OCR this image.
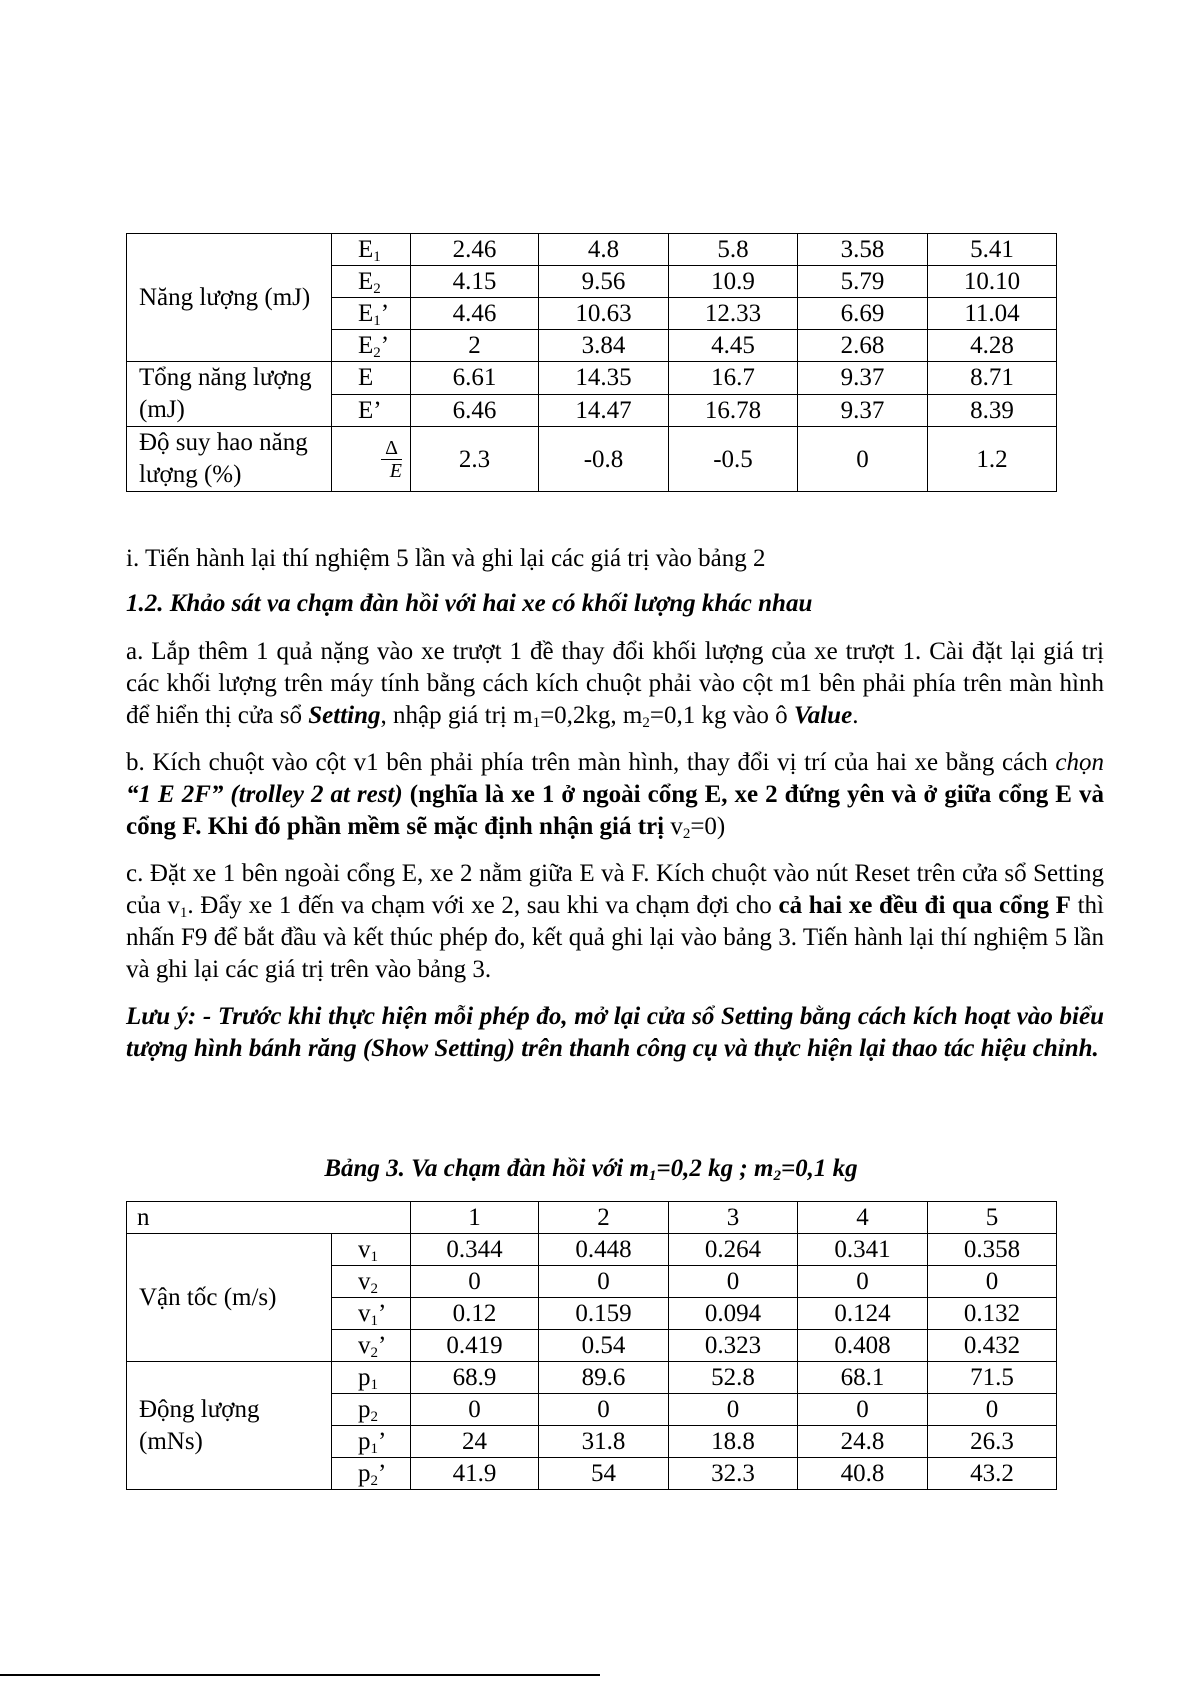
Năng lượng (mJ)	$E_1$	2.46	4.8	5.8	3.58	5.41
	$E_2$	4.15	9.56	10.9	5.79	10.10
	$E_1$’	4.46	10.63	12.33	6.69	11.04
	$E_2$’	2	3.84	4.45	2.68	4.28
Tổng năng lượng (mJ)	E	6.61	14.35	16.7	9.37	8.71
	E’	6.46	14.47	16.78	9.37	8.39
Độ suy hao năng lượng (%)	$\frac{\Delta}{E}$	2.3	-0.8	-0.5	0	1.2
i. Tiến hành lại thí nghiệm 5 lần và ghi lại các giá trị vào bảng 2
1.2. Khảo sát va chạm đàn hồi với hai xe có khối lượng khác nhau
a. Lắp thêm 1 quả nặng vào xe trượt 1 đề thay đổi khối lượng của xe trượt 1. Cài đặt lại giá trị các khối lượng trên máy tính bằng cách kích chuột phải vào cột m1 bên phải phía trên màn hình để hiển thị cửa sổ Setting, nhập giá trị $m_1=0,2kg$, $m_2=0,1$ kg vào ô Value.
b. Kích chuột vào cột v1 bên phải phía trên màn hình, thay đổi vị trí của hai xe bằng cách chọn “1 E 2F” (trolley 2 at rest) (nghĩa là xe 1 ở ngoài cổng E, xe 2 đứng yên và ở giữa cổng E và cổng F. Khi đó phần mềm sẽ mặc định nhận giá trị $v_2=0$)
c. Đặt xe 1 bên ngoài cổng E, xe 2 nằm giữa E và F. Kích chuột vào nút Reset trên cửa sổ Setting của $v_1$. Đẩy xe 1 đến va chạm với xe 2, sau khi va chạm đợi cho cả hai xe đều đi qua cổng F thì nhấn F9 để bắt đầu và kết thúc phép đo, kết quả ghi lại vào bảng 3. Tiến hành lại thí nghiệm 5 lần và ghi lại các giá trị trên vào bảng 3.
Lưu ý: - Trước khi thực hiện mỗi phép đo, mở lại cửa sổ Setting bằng cách kích hoạt vào biểu tượng hình bánh răng (Show Setting) trên thanh công cụ và thực hiện lại thao tác hiệu chỉnh.
Bảng 3. Va chạm đàn hồi với $m_1=0,2$ kg ; $m_2=0,1$ kg
n		1	2	3	4	5
Vận tốc (m/s)	$v_1$	0.344	0.448	0.264	0.341	0.358
	$v_2$	0	0	0	0	0
	$v_1$’	0.12	0.159	0.094	0.124	0.132
	$v_2$’	0.419	0.54	0.323	0.408	0.432
Động lượng (mNs)	$p_1$	68.9	89.6	52.8	68.1	71.5
	$p_2$	0	0	0	0	0
	$p_1$’	24	31.8	18.8	24.8	26.3
	$p_2$’	41.9	54	32.3	40.8	43.2
